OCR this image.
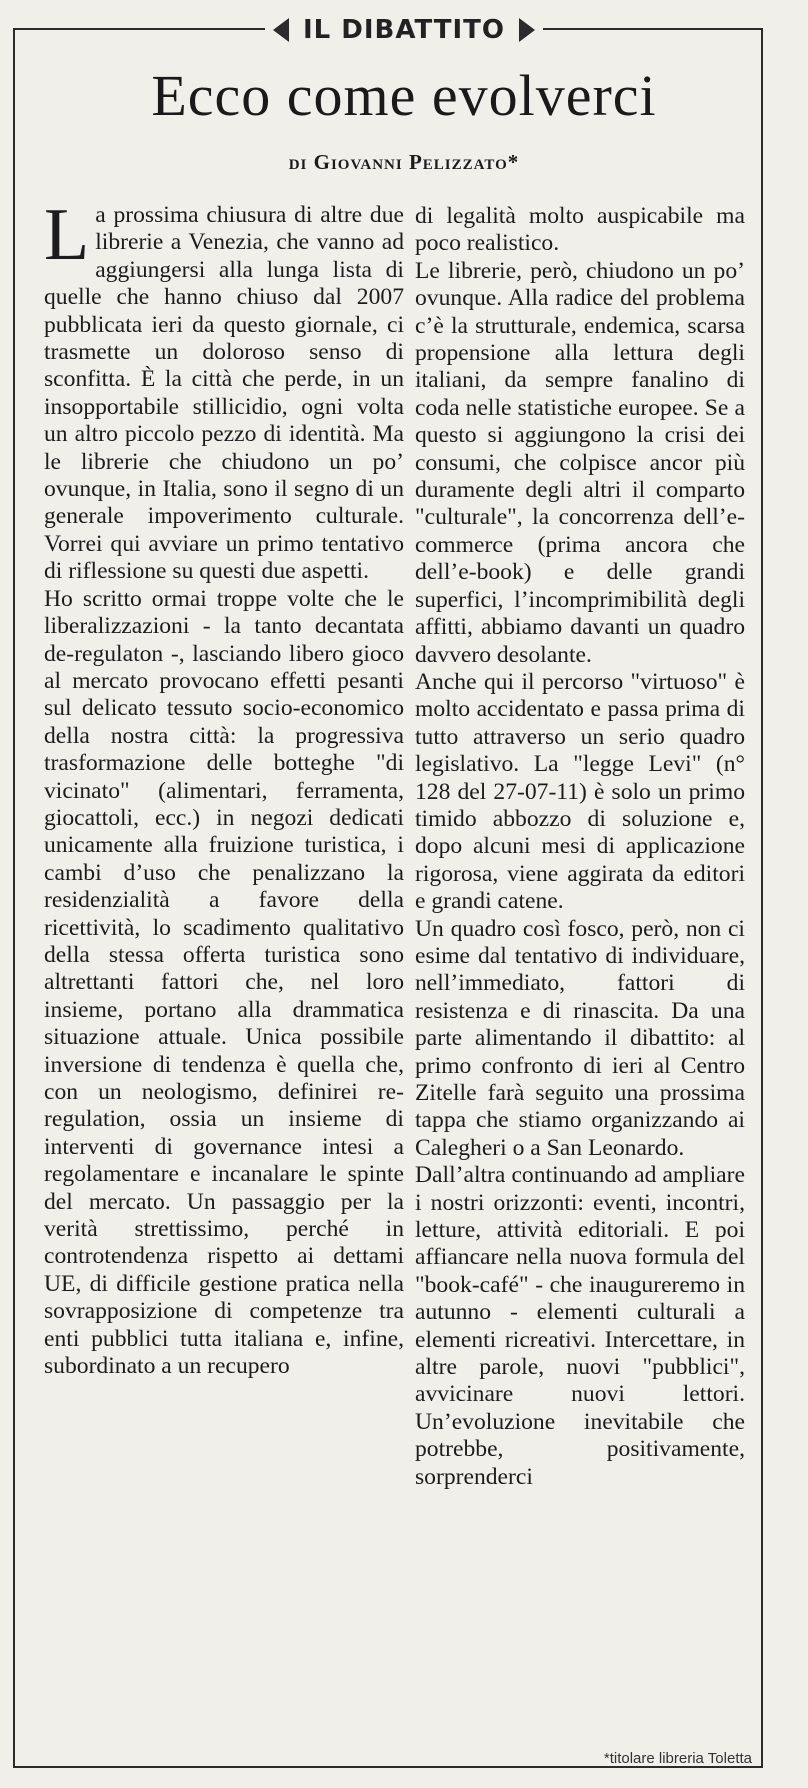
IL DIBATTITO
Ecco come evolverci
di Giovanni Pelizzato*

La prossima chiusura di altre due librerie a Venezia, che vanno ad aggiungersi alla lunga lista di quelle che hanno chiuso dal 2007 pubblicata ieri da questo giornale, ci trasmette un doloroso senso di sconfitta. È la città che perde, in un insopportabile stillicidio, ogni volta un altro piccolo pezzo di identità. Ma le librerie che chiudono un po’ ovunque, in Italia, sono il segno di un generale impoverimento culturale. Vorrei qui avviare un primo tentativo di riflessione su questi due aspetti.

Ho scritto ormai troppe volte che le liberalizzazioni - la tanto decantata de-regulaton -, lasciando libero gioco al mercato provocano effetti pesanti sul delicato tessuto socio-economico della nostra città: la progressiva trasformazione delle botteghe "di vicinato" (alimentari, ferramenta, giocattoli, ecc.) in negozi dedicati unicamente alla fruizione turistica, i cambi d’uso che penalizzano la residenzialità a favore della ricettività, lo scadimento qualitativo della stessa offerta turistica sono altrettanti fattori che, nel loro insieme, portano alla drammatica situazione attuale. Unica possibile inversione di tendenza è quella che, con un neologismo, definirei re-regulation, ossia un insieme di interventi di governance intesi a regolamentare e incanalare le spinte del mercato. Un passaggio per la verità strettissimo, perché in controtendenza rispetto ai dettami UE, di difficile gestione pratica nella sovrapposizione di competenze tra enti pubblici tutta italiana e, infine, subordinato a un recupero

di legalità molto auspicabile ma poco realistico.

Le librerie, però, chiudono un po’ ovunque. Alla radice del problema c’è la strutturale, endemica, scarsa propensione alla lettura degli italiani, da sempre fanalino di coda nelle statistiche europee. Se a questo si aggiungono la crisi dei consumi, che colpisce ancor più duramente degli altri il comparto "culturale", la concorrenza dell’e-commerce (prima ancora che dell’e-book) e delle grandi superfici, l’incomprimibilità degli affitti, abbiamo davanti un quadro davvero desolante.

Anche qui il percorso "virtuoso" è molto accidentato e passa prima di tutto attraverso un serio quadro legislativo. La "legge Levi" (n° 128 del 27-07-11) è solo un primo timido abbozzo di soluzione e, dopo alcuni mesi di applicazione rigorosa, viene aggirata da editori e grandi catene.

Un quadro così fosco, però, non ci esime dal tentativo di individuare, nell’immediato, fattori di resistenza e di rinascita. Da una parte alimentando il dibattito: al primo confronto di ieri al Centro Zitelle farà seguito una prossima tappa che stiamo organizzando ai Calegheri o a San Leonardo.

Dall’altra continuando ad ampliare i nostri orizzonti: eventi, incontri, letture, attività editoriali. E poi affiancare nella nuova formula del "book-café" - che inaugureremo in autunno - elementi culturali a elementi ricreativi. Intercettare, in altre parole, nuovi "pubblici", avvicinare nuovi lettori. Un’evoluzione inevitabile che potrebbe, positivamente, sorprenderci

*titolare libreria Toletta
